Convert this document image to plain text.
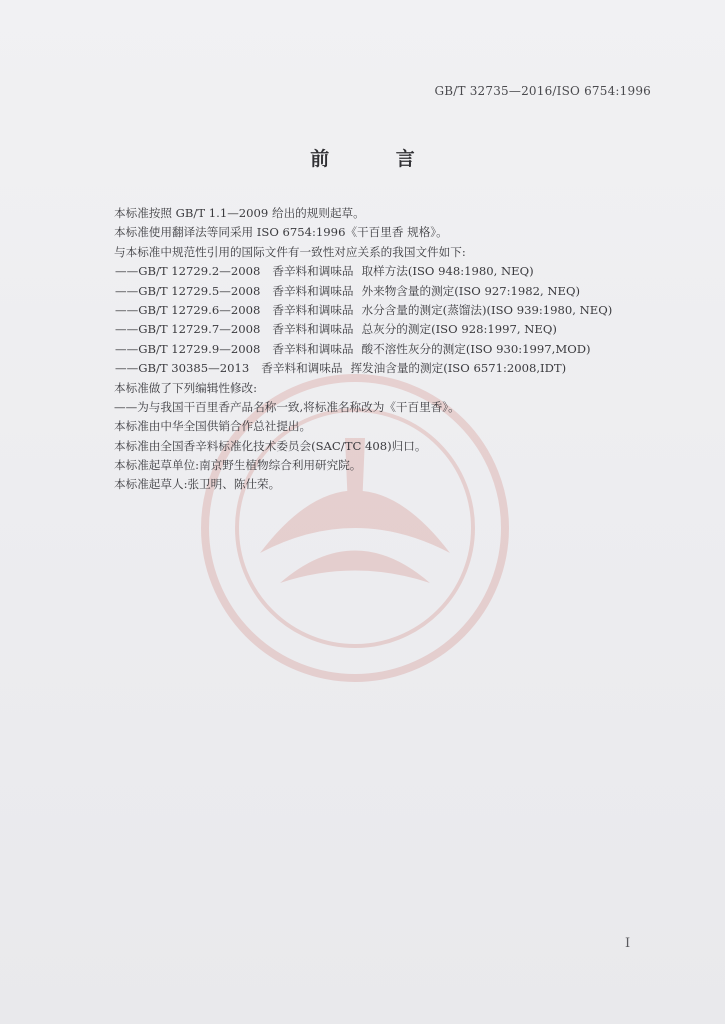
GB/T 32735—2016/ISO 6754:1996
前 言
本标准按照 GB/T 1.1—2009 给出的规则起草。
本标准使用翻译法等同采用 ISO 6754:1996《干百里香 规格》。
与本标准中规范性引用的国际文件有一致性对应关系的我国文件如下:
——GB/T 12729.2—2008 香辛料和调味品 取样方法(ISO 948:1980, NEQ)
——GB/T 12729.5—2008 香辛料和调味品 外来物含量的测定(ISO 927:1982, NEQ)
——GB/T 12729.6—2008 香辛料和调味品 水分含量的测定(蒸馏法)(ISO 939:1980, NEQ)
——GB/T 12729.7—2008 香辛料和调味品 总灰分的测定(ISO 928:1997, NEQ)
——GB/T 12729.9—2008 香辛料和调味品 酸不溶性灰分的测定(ISO 930:1997,MOD)
——GB/T 30385—2013 香辛料和调味品 挥发油含量的测定(ISO 6571:2008,IDT)
本标准做了下列编辑性修改:
——为与我国干百里香产品名称一致,将标准名称改为《干百里香》。
本标准由中华全国供销合作总社提出。
本标准由全国香辛料标准化技术委员会(SAC/TC 408)归口。
本标准起草单位:南京野生植物综合利用研究院。
本标准起草人:张卫明、陈仕荣。
Ⅰ
